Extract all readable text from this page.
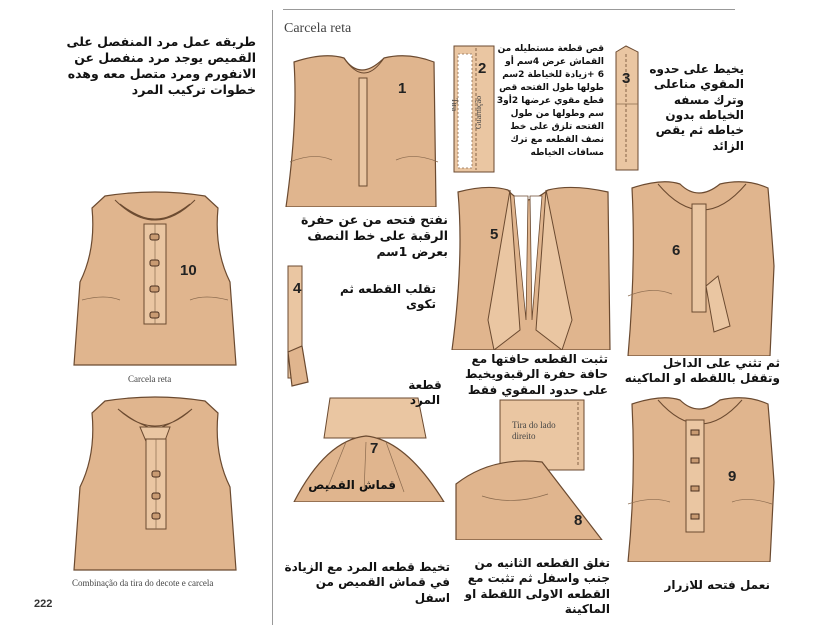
Carcela reta
طريقه عمل مرد المنفصل على القميص يوجد مرد منفصل عن الانفورم ومرد متصل معه وهده خطوات تركيب المرد
10
Carcela reta
Combinação da tira do decote e carcela
222
1
نفتح فتحه من عن حفرة الرقبة على خط النصف بعرض 1سم
2
Tira Guarnição
قص قطعة مستطيله من القماش عرض 4سم أو 6 +زيادة للخياطة 2سم طولها طول الفتحه قص قطع مقوي عرضها 2أو3 سم وطولها من طول الفتحه تلزق على خط نصف القطعه مع ترك مسافات الخياطه
3
يخيط على حدوه المقوي مناعلى وترك مسفه الخياطه بدون خياطه ثم يقص الزائد
4	تقلب القطعه ثم تكوى
5
تثبت القطعه حافتها مع حافة حفرة الرقبةويخيط على حدود المقوي فقط
6
ثم تثني على الداخل وتقفل باللقطه او الماكينه
7
قطعة المرد
قماش القميص
تخيط قطعه المرد مع الزيادة في قماش القميص من اسفل
Tira do lado direito
8
تغلق القطعه الثانيه من جنب واسفل ثم تثبت مع القطعه الاولى اللقطة او الماكينة
9
نعمل فتحه للازرار
